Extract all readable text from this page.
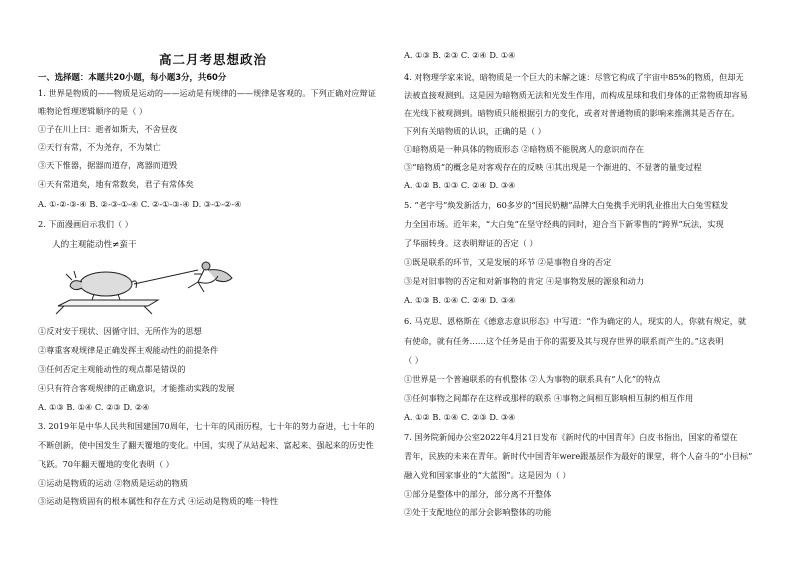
高二月考思想政治
一、选择题：本题共20小题，每小题3分，共60分
1. 世界是物质的——物质是运动的——运动是有规律的——规律是客观的。下列正确对应辩证
唯物论哲理逻辑顺序的是（ ）
①子在川上曰：逝者如斯夫，不舍昼夜
②天行有常，不为尧存，不为桀亡
③天下惟器，据器而道存，离器而道毁
④天有常道矣，地有常数矣，君子有常体矣
A. ①-②-③-④ B. ②-③-①-④ C. ②-①-③-④ D. ③-①-②-④
2. 下面漫画启示我们（ ）
人的主观能动性≠蛮干
①反对安于现状、因循守旧、无所作为的思想
②尊重客观规律是正确发挥主观能动性的前提条件
③任何否定主观能动性的观点都是错误的
④只有符合客观规律的正确意识，才能推动实践的发展
A. ①③ B. ①④ C. ②③ D. ②④
3. 2019年是中华人民共和国建国70周年，七十年的风雨历程，七十年的努力奋进，七十年的
不断创新，使中国发生了翻天覆地的变化。中国，实现了从站起来、富起来、强起来的历史性
飞跃。70年翻天覆地的变化表明（ ）
①运动是物质的运动 ②物质是运动的物质
③运动是物质固有的根本属性和存在方式 ④运动是物质的唯一特性
A. ①③ B. ②③ C. ②④ D. ①④
4. 对物理学家来说，暗物质是一个巨大的未解之谜：尽管它构成了宇宙中85%的物质，但却无
法被直接观测到。这是因为暗物质无法和光发生作用，而构成星球和我们身体的正常物质却容易
在光线下被观测到。暗物质只能根据引力的变化，或者对普通物质的影响来推测其是否存在。
下列有关暗物质的认识，正确的是（ ）
①暗物质是一种具体的物质形态 ②暗物质不能脱离人的意识而存在
③“暗物质”的概念是对客观存在的反映 ④其出现是一个渐进的、不显著的量变过程
A. ①② B. ①③ C. ②④ D. ③④
5. “老字号”焕发新活力，60多岁的“国民奶糖”品牌大白兔携手光明乳业推出大白兔雪糕发
力全国市场。近年来，“大白兔”在坚守经典的同时，迎合当下新零售的“跨界”玩法，实现
了华丽转身。这表明辩证的否定（ ）
①既是联系的环节，又是发展的环节 ②是事物自身的否定
③是对旧事物的否定和对新事物的肯定 ④是事物发展的源泉和动力
A. ①③ B. ①④ C. ②④ D. ③④
6. 马克思、恩格斯在《德意志意识形态》中写道：“作为确定的人，现实的人，你就有规定，就
有使命，就有任务……这个任务是由于你的需要及其与现存世界的联系而产生的。”这表明
（ ）
①世界是一个普遍联系的有机整体 ②人为事物的联系具有“人化”的特点
③任何事物之间都存在这样或那样的联系 ④事物之间相互影响相互制约相互作用
A. ①② B. ①④ C. ②③ D. ③④
7. 国务院新闻办公室2022年4月21日发布《新时代的中国青年》白皮书指出，国家的希望在
青年，民族的未来在青年。新时代中国青年were跟基层作为最好的课堂，将个人奋斗的“小目标”
融入党和国家事业的“大蓝图”。这是因为（ ）
①部分是整体中的部分，部分离不开整体
②处于支配地位的部分会影响整体的功能
